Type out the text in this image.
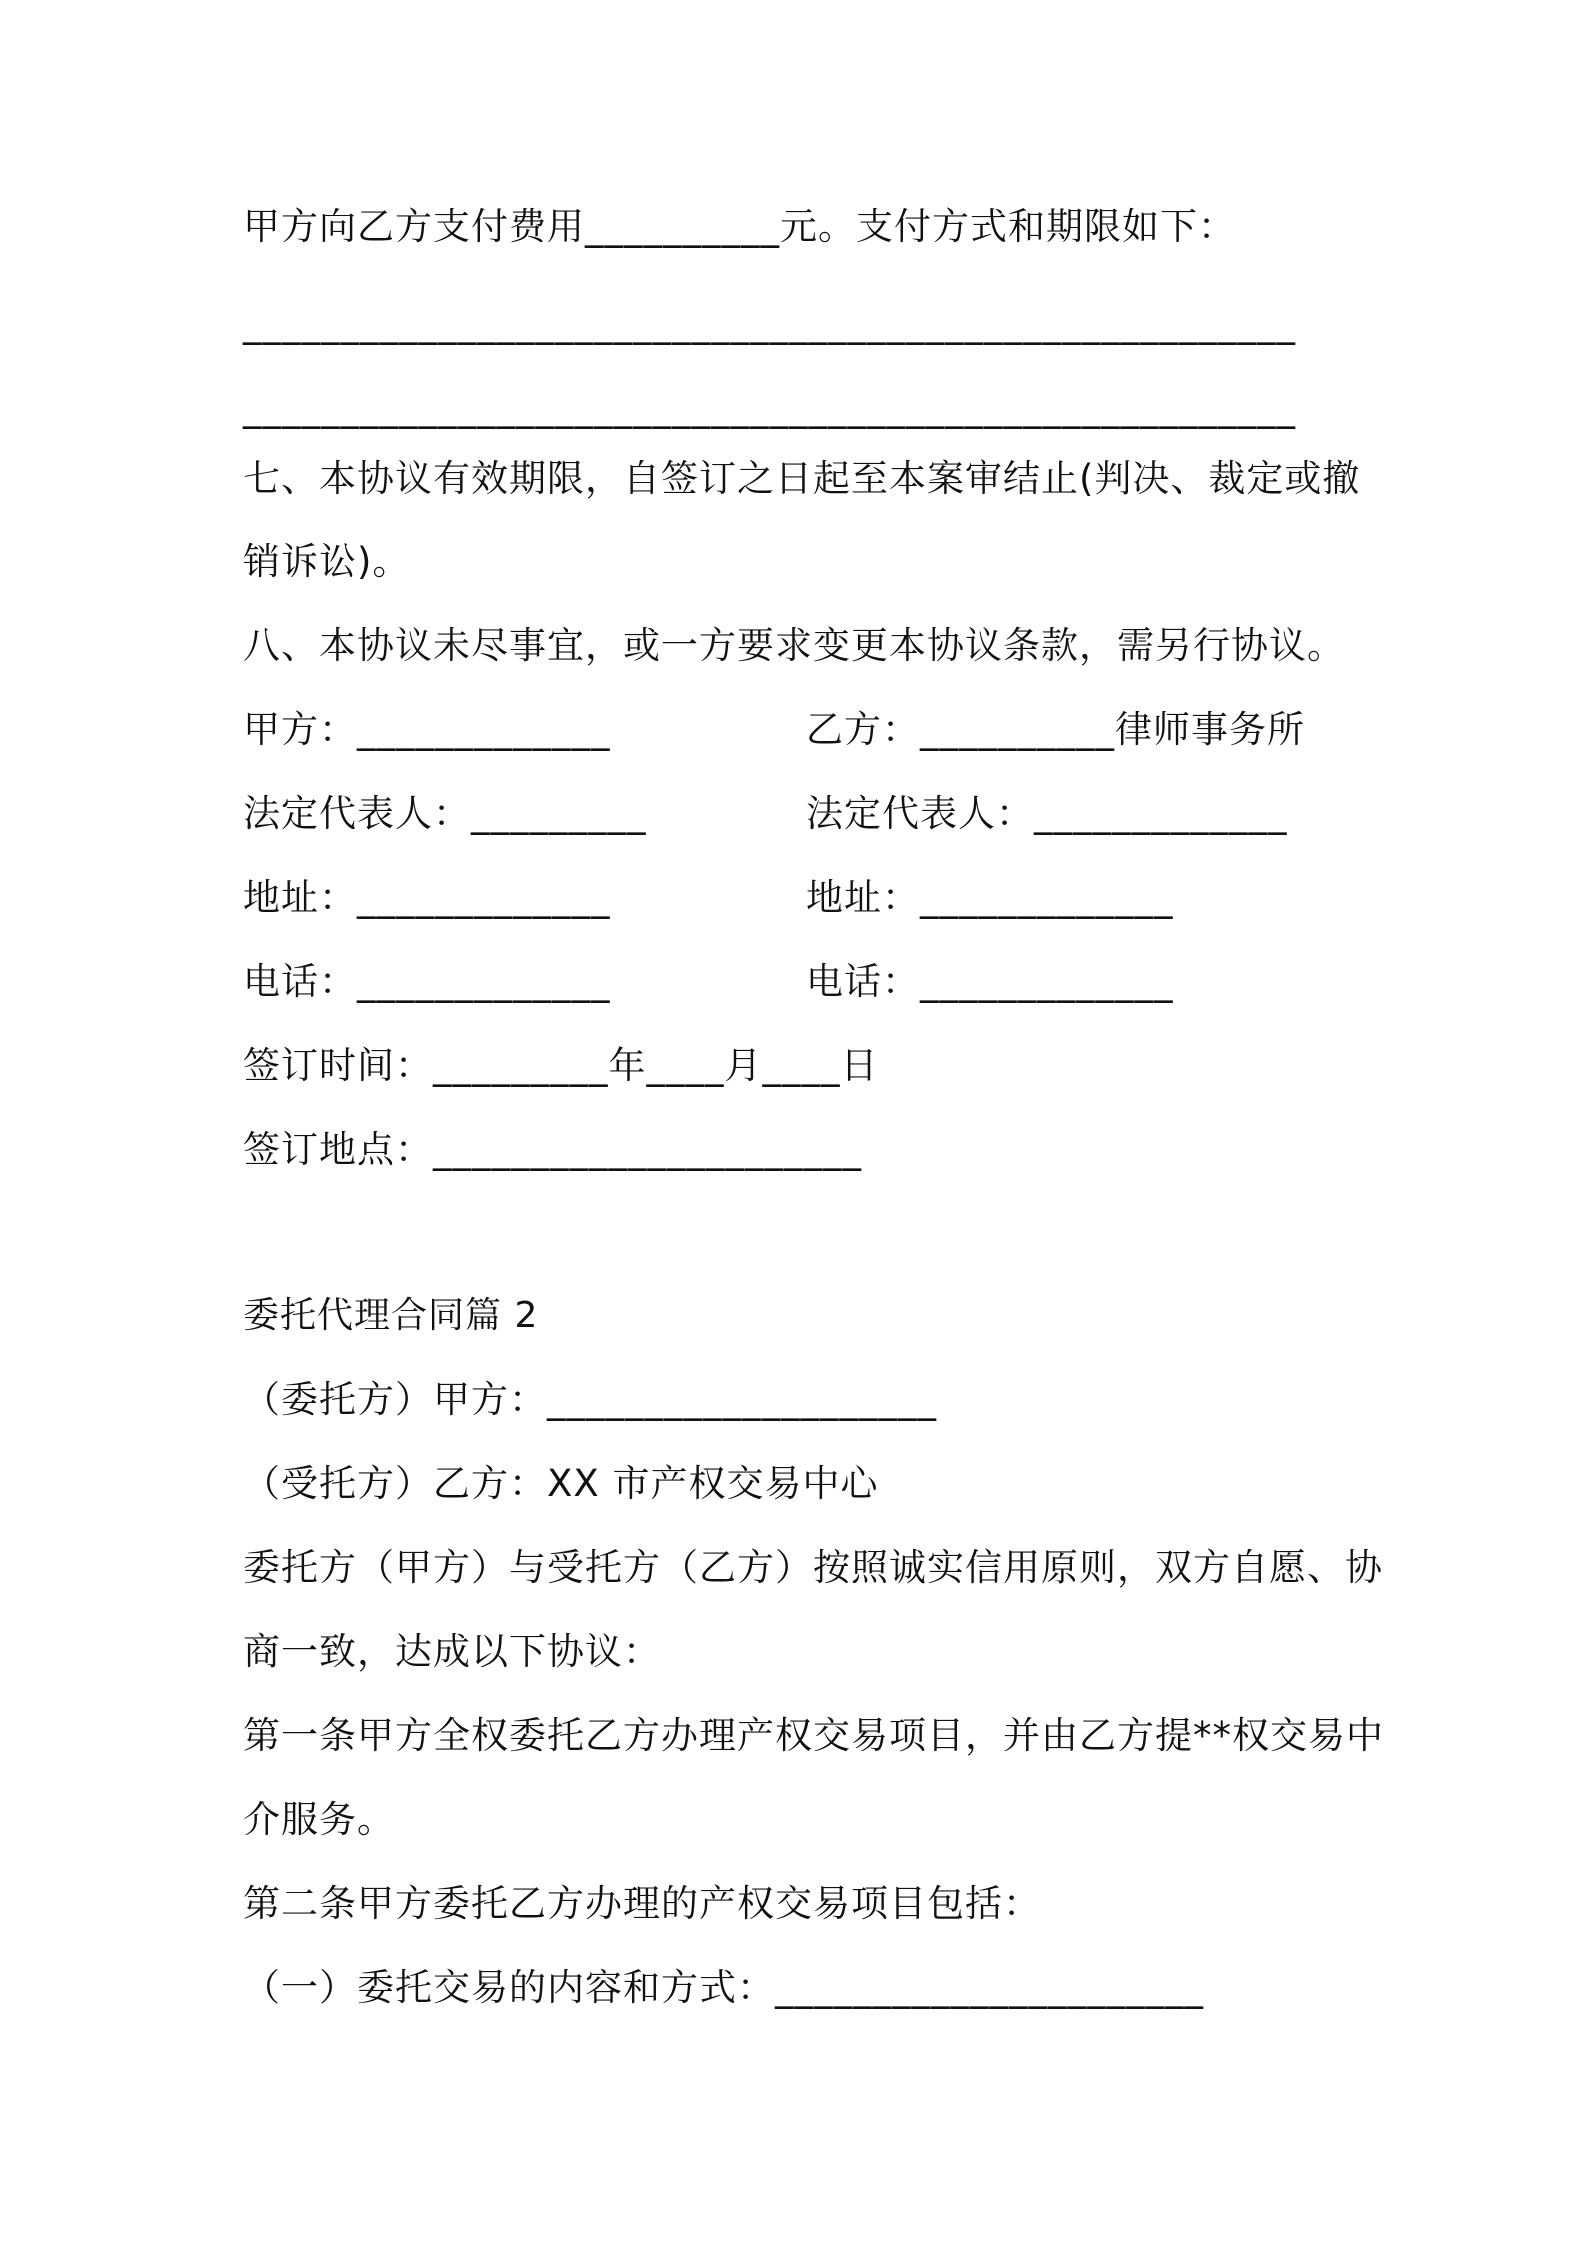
甲方向乙方支付费用__________元。支付方式和期限如下：
______________________________________________________
______________________________________________________
七、本协议有效期限，自签订之日起至本案审结止(判决、裁定或撤
销诉讼)。
八、本协议未尽事宜，或一方要求变更本协议条款，需另行协议。
甲方：_____________	乙方：__________律师事务所
法定代表人：_________	法定代表人：_____________
地址：_____________	地址：_____________
电话：_____________	电话：_____________
签订时间：_________年____月____日
签订地点：______________________
委托代理合同篇 2
（委托方）甲方：____________________
（受托方）乙方：XX 市产权交易中心
委托方（甲方）与受托方（乙方）按照诚实信用原则，双方自愿、协
商一致，达成以下协议：
第一条甲方全权委托乙方办理产权交易项目，并由乙方提**权交易中
介服务。
第二条甲方委托乙方办理的产权交易项目包括：
（一）委托交易的内容和方式：______________________
